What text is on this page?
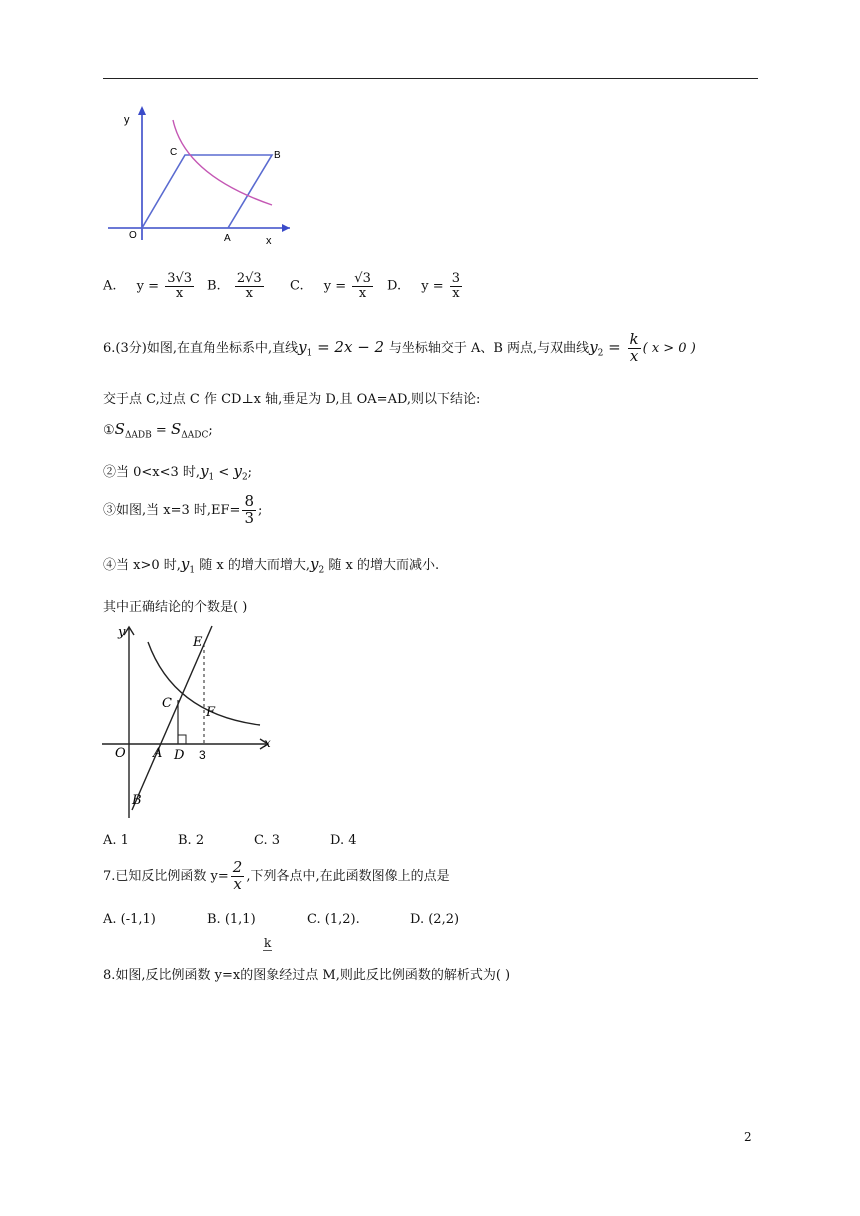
y
x
O	A
B
C
A. $y = \frac{3√3}{x} B$. $\frac{2√3}{x} C$. $y = \frac{√3}{x} D$. $y = \frac{3}{x}$
6.(3分)如图,在直角坐标系中,直线$y_1 = 2x - 2$ 与坐标轴交于 A、B 两点,与双曲线$y_2 = \frac{k}{x}$ ( x > 0 )
交于点 C,过点 C 作 CD⊥x 轴,垂足为 D,且 OA=AD,则以下结论:
$①S_{\Delta ADB} = S_{\Delta ADC}$;
②当 0<x<3 时$,y_1 < y_2$;
③如图,当 x=3 时$,EF= \frac{8}{3}$ ;
④当 x>0 时$,y_1$ 随 x 的增大而增大$,y_2$ 随 x 的增大而减小.
其中正确结论的个数是( )
y
x
O A D 3
B
C
F
E
A. 1	B. 2	C. 3	D. 4
7.已知反比例函数 $y= \frac{2}{x}$ ,下列各点中,在此函数图像上的点是
A. (-1,1)	B. (1,1)	C. (1,2).	D. (2,2)
k
8.如图,反比例函数 y=x的图象经过点 M,则此反比例函数的解析式为( )
2
